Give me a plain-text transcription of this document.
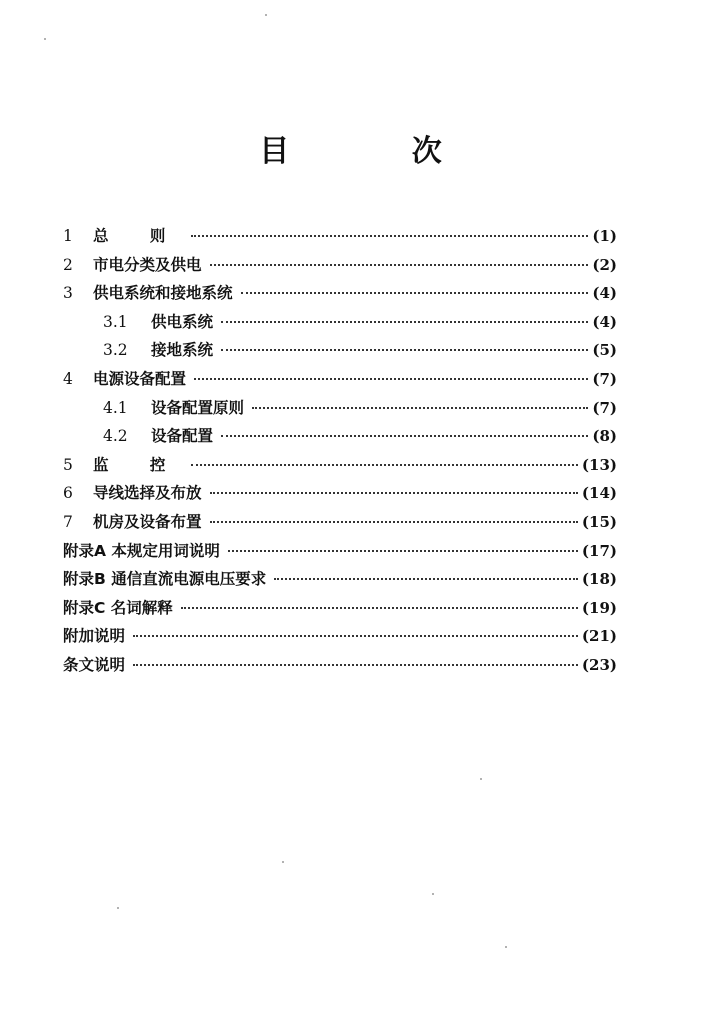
目 次
1	总 则	(1)
2	市电分类及供电	(2)
3	供电系统和接地系统	(4)
3.1	供电系统	(4)
3.2	接地系统	(5)
4	电源设备配置	(7)
4.1	设备配置原则	(7)
4.2	设备配置	(8)
5	监 控	(13)
6	导线选择及布放	(14)
7	机房及设备布置	(15)
附录A 本规定用词说明	(17)
附录B 通信直流电源电压要求	(18)
附录C 名词解释	(19)
附加说明	(21)
条文说明	(23)
